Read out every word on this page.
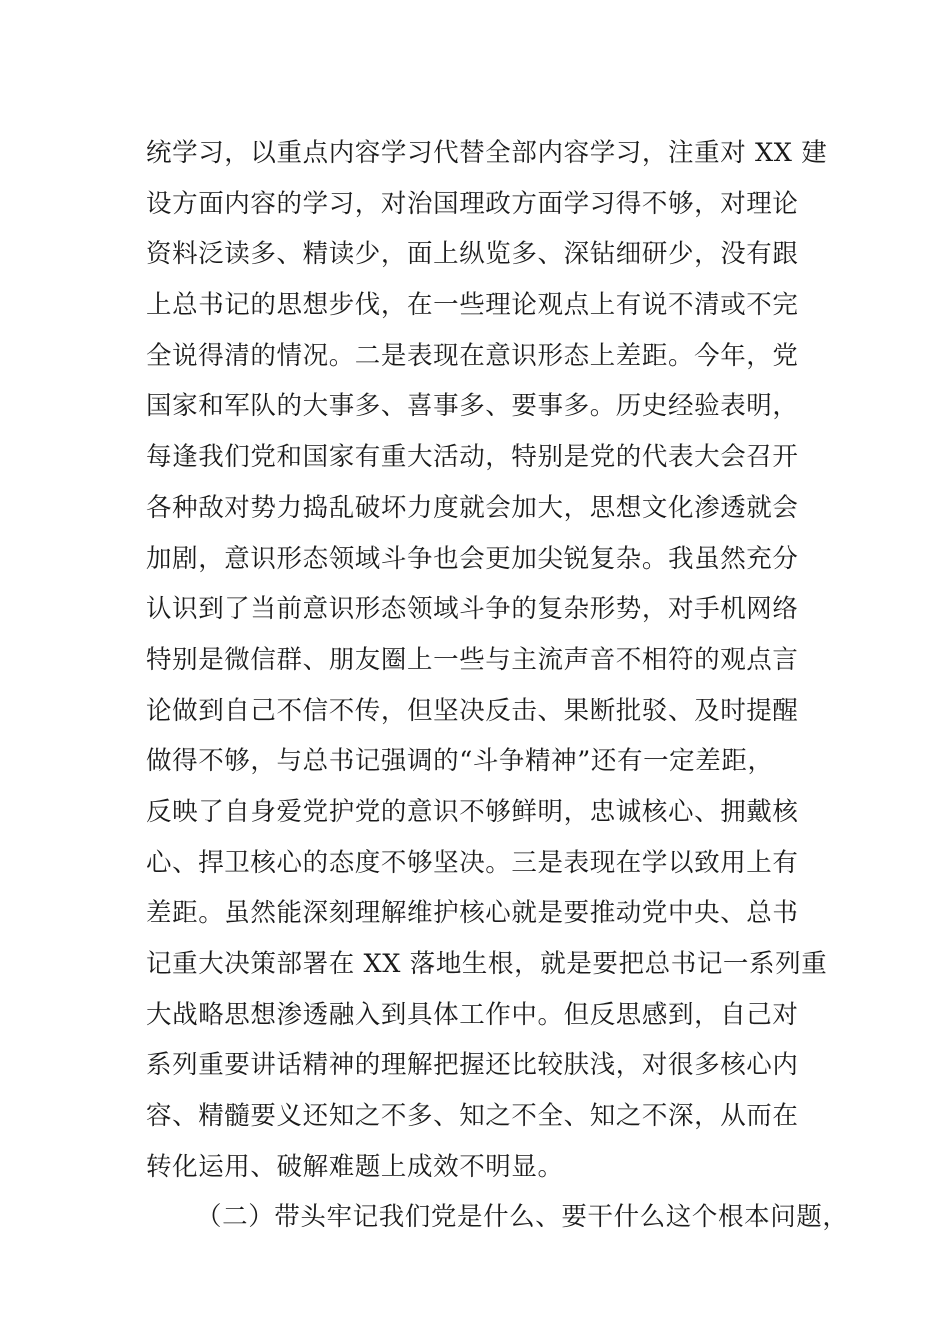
统学习，以重点内容学习代替全部内容学习，注重对 XX 建

设方面内容的学习，对治国理政方面学习得不够，对理论

资料泛读多、精读少，面上纵览多、深钻细研少，没有跟

上总书记的思想步伐，在一些理论观点上有说不清或不完

全说得清的情况。二是表现在意识形态上差距。今年，党

国家和军队的大事多、喜事多、要事多。历史经验表明，

每逢我们党和国家有重大活动，特别是党的代表大会召开

各种敌对势力捣乱破坏力度就会加大，思想文化渗透就会

加剧，意识形态领域斗争也会更加尖锐复杂。我虽然充分

认识到了当前意识形态领域斗争的复杂形势，对手机网络

特别是微信群、朋友圈上一些与主流声音不相符的观点言

论做到自己不信不传，但坚决反击、果断批驳、及时提醒

做得不够，与总书记强调的“斗争精神”还有一定差距，

反映了自身爱党护党的意识不够鲜明，忠诚核心、拥戴核

心、捍卫核心的态度不够坚决。三是表现在学以致用上有

差距。虽然能深刻理解维护核心就是要推动党中央、总书

记重大决策部署在 XX 落地生根，就是要把总书记一系列重

大战略思想渗透融入到具体工作中。但反思感到，自己对

系列重要讲话精神的理解把握还比较肤浅，对很多核心内

容、精髓要义还知之不多、知之不全、知之不深，从而在

转化运用、破解难题上成效不明显。

（二）带头牢记我们党是什么、要干什么这个根本问题，
